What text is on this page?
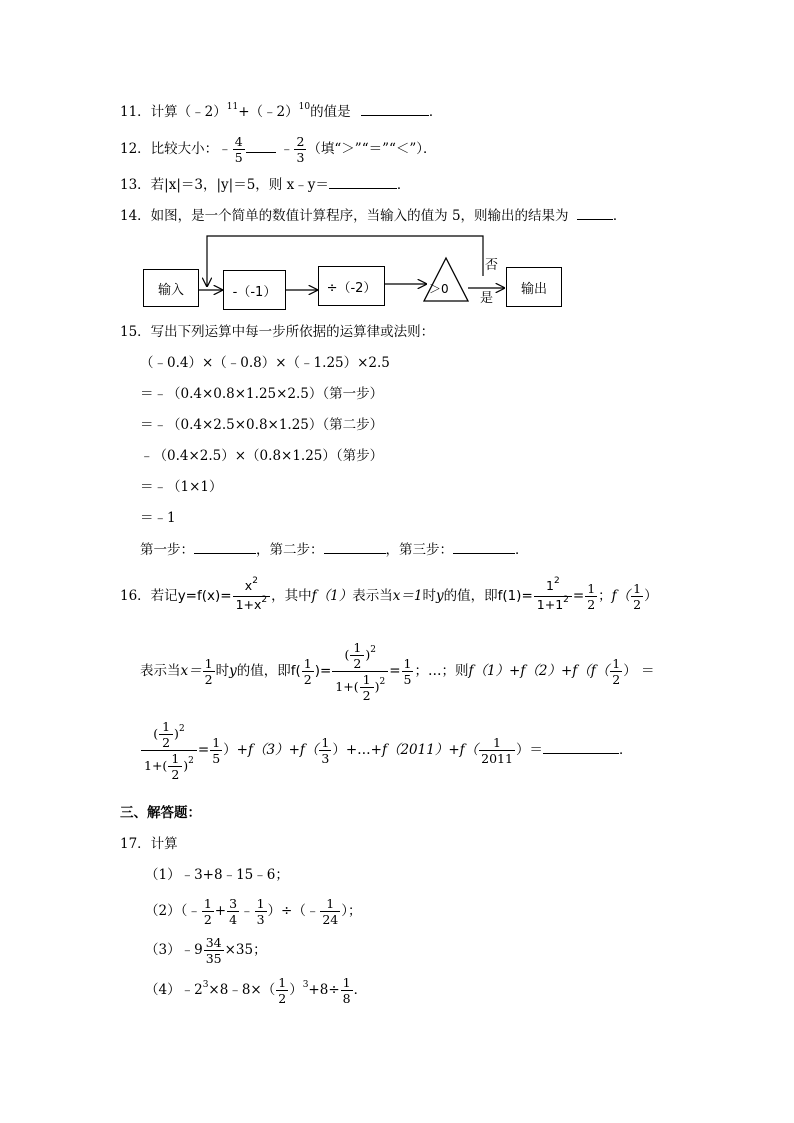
11．计算（﹣2）$^{11}$+（﹣2）$^{10}$的值是	．
12．比较大小：﹣ $\frac{4}{5}$	﹣ $\frac{2}{3}$ （填“＞”“＝”“＜”）．
13．若|x|＝3，|y|＝5，则 x﹣y＝	．
14．如图，是一个简单的数值计算程序，当输入的值为 5，则输出的结果为	．
输入	-（-1）	÷（-2）	＞0
否
是
输出
15．写出下列运算中每一步所依据的运算律或法则：
（﹣0.4）×（﹣0.8）×（﹣1.25）×2.5
＝﹣（0.4×0.8×1.25×2.5）（第一步）
＝﹣（0.4×2.5×0.8×1.25）（第二步）
﹣（0.4×2.5）×（0.8×1.25）（第步）
＝﹣（1×1）
＝﹣1
第一步：	，第二步：	，第三步：	．
16．若记$y=f(x)= \frac{x^2}{1+x^2}$ ，其中f（1）表示当x＝1时y的值，即$f(1)= \frac{1^2}{1+1^2} = \frac{1}{2}$ ；$f( \frac{1}{2}$ ）
表示当$x= \frac{1}{2}$ 时y的值，即$f( \frac{1}{2}$ )= $\frac{( \frac{1}{2} )^2}{1+( \frac{1}{2} )^2} = \frac{1}{5}$ ；…；则$f(1)+f(2)+f(f( \frac{1}{2}$ ） ＝
$\frac{( \frac{1}{2} )^2}{1+( \frac{1}{2} )^2} = \frac{1}{5} )+f(3)+f( \frac{1}{3}$ ）+…+f（2011）+f（ $\frac{1}{2011}$ ）＝	．
三、解答题：
17．计算
（1）﹣3+8﹣15﹣6；
（2）（﹣ $\frac{1}{2} + \frac{3}{4}$ ﹣ $\frac{1}{3}$ ）÷（﹣ $\frac{1}{24}$ ）；
（3）﹣9 $\frac{34}{35} \times 35$；
$(4)﹣2^3\times 8﹣8\times( \frac{1}{2} )^3+8\div \frac{1}{8}$ ．
